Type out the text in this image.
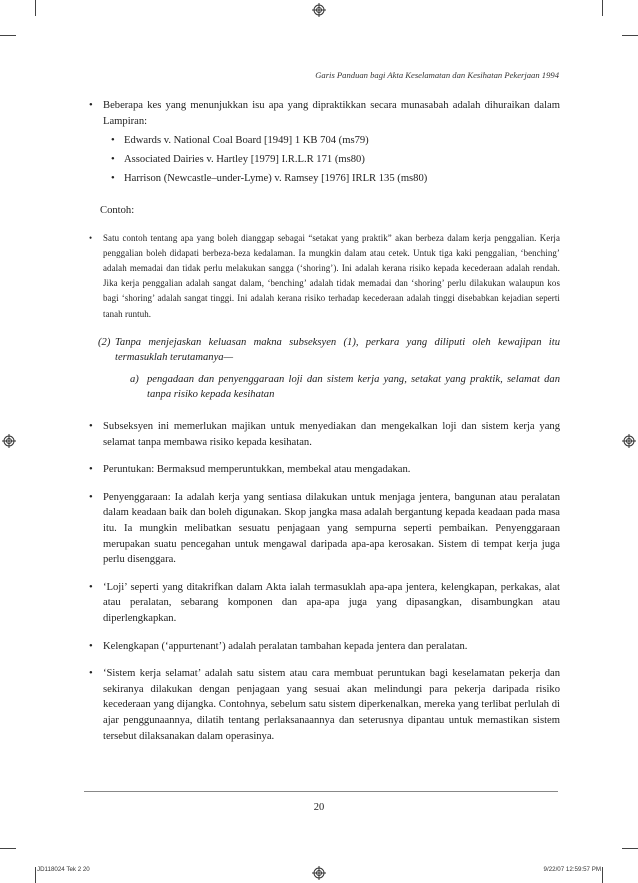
Garis Panduan bagi Akta Keselamatan dan Kesihatan Pekerjaan 1994
• Beberapa kes yang menunjukkan isu apa yang dipraktikkan secara munasabah adalah dihuraikan dalam Lampiran:
• Edwards v. National Coal Board [1949] 1 KB 704 (ms79)
• Associated Dairies v. Hartley [1979] I.R.L.R 171 (ms80)
• Harrison (Newcastle–under-Lyme) v. Ramsey [1976] IRLR 135 (ms80)
Contoh:
• Satu contoh tentang apa yang boleh dianggap sebagai “setakat yang praktik” akan berbeza dalam kerja penggalian. Kerja penggalian boleh didapati berbeza-beza kedalaman. Ia mungkin dalam atau cetek. Untuk tiga kaki penggalian, ‘benching’ adalah memadai dan tidak perlu melakukan sangga (‘shoring’). Ini adalah kerana risiko kepada kecederaan adalah rendah. Jika kerja penggalian adalah sangat dalam, ‘benching’ adalah tidak memadai dan ‘shoring’ perlu dilakukan walaupun kos bagi ‘shoring’ adalah sangat tinggi. Ini adalah kerana risiko terhadap kecederaan adalah tinggi disebabkan kejadian seperti tanah runtuh.
(2) Tanpa menjejaskan keluasan makna subseksyen (1), perkara yang diliputi oleh kewajipan itu termasuklah terutamanya—
a) pengadaan dan penyenggaraan loji dan sistem kerja yang, setakat yang praktik, selamat dan tanpa risiko kepada kesihatan
• Subseksyen ini memerlukan majikan untuk menyediakan dan mengekalkan loji dan sistem kerja yang selamat tanpa membawa risiko kepada kesihatan.
• Peruntukan: Bermaksud memperuntukkan, membekal atau mengadakan.
• Penyenggaraan: Ia adalah kerja yang sentiasa dilakukan untuk menjaga jentera, bangunan atau peralatan dalam keadaan baik dan boleh digunakan. Skop jangka masa adalah bergantung kepada keadaan pada masa itu. Ia mungkin melibatkan sesuatu penjagaan yang sempurna seperti pembaikan. Penyenggaraan merupakan suatu pencegahan untuk mengawal daripada apa-apa kerosakan. Sistem di tempat kerja juga perlu disenggara.
• ‘Loji’ seperti yang ditakrifkan dalam Akta ialah termasuklah apa-apa jentera, kelengkapan, perkakas, alat atau peralatan, sebarang komponen dan apa-apa juga yang dipasangkan, disambungkan atau diperlengkapkan.
• Kelengkapan (‘appurtenant’) adalah peralatan tambahan kepada jentera dan peralatan.
• ‘Sistem kerja selamat’ adalah satu sistem atau cara membuat peruntukan bagi keselamatan pekerja dan sekiranya dilakukan dengan penjagaan yang sesuai akan melindungi para pekerja daripada risiko kecederaan yang dijangka. Contohnya, sebelum satu sistem diperkenalkan, mereka yang terlibat perlulah di ajar penggunaannya, dilatih tentang perlaksanaannya dan seterusnya dipantau untuk memastikan sistem tersebut dilaksanakan dalam operasinya.
20
JD118024 Tek 2 20	9/22/07 12:59:57 PM
